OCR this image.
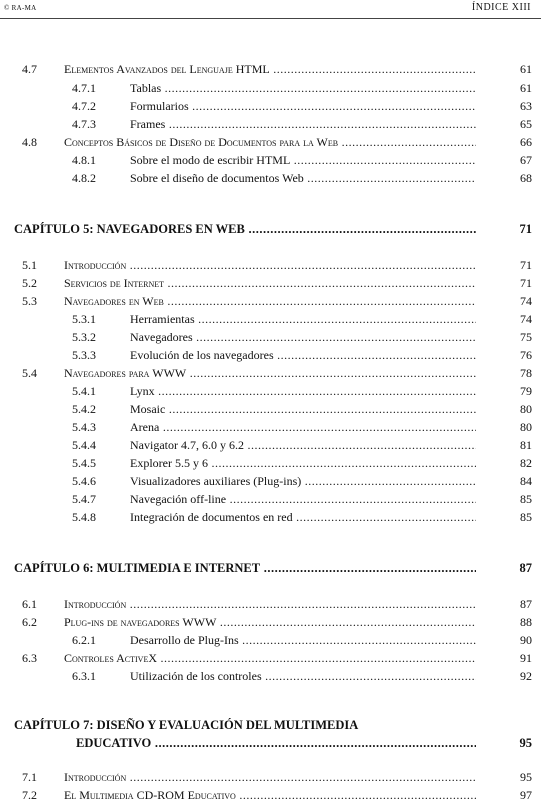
© RA-MA	ÍNDICE XIII
4.7 Elementos Avanzados del Lenguaje HTML .....	61
4.7.1	Tablas .....	61
4.7.2	Formularios .....	63
4.7.3	Frames .....	65
4.8 Conceptos Básicos de Diseño de Documentos para la Web .....	66
4.8.1	Sobre el modo de escribir HTML .....	67
4.8.2	Sobre el diseño de documentos Web .....	68
CAPÍTULO 5: NAVEGADORES EN WEB .....	71
5.1 Introducción .....	71
5.2 Servicios de Internet .....	71
5.3 Navegadores en Web .....	74
5.3.1	Herramientas .....	74
5.3.2	Navegadores .....	75
5.3.3	Evolución de los navegadores .....	76
5.4 Navegadores para WWW .....	78
5.4.1	Lynx .....	79
5.4.2	Mosaic .....	80
5.4.3	Arena .....	80
5.4.4	Navigator 4.7, 6.0 y 6.2 .....	81
5.4.5	Explorer 5.5 y 6 .....	82
5.4.6	Visualizadores auxiliares (Plug-ins) .....	84
5.4.7	Navegación off-line .....	85
5.4.8	Integración de documentos en red .....	85
CAPÍTULO 6: MULTIMEDIA E INTERNET .....	87
6.1 Introducción .....	87
6.2 Plug-ins de navegadores WWW .....	88
6.2.1	Desarrollo de Plug-Ins .....	90
6.3 Controles ActiveX .....	91
6.3.1	Utilización de los controles .....	92
CAPÍTULO 7: DISEÑO Y EVALUACIÓN DEL MULTIMEDIA
EDUCATIVO .....	95
7.1 Introducción .....	95
7.2 El Multimedia CD-ROM Educativo .....	97
